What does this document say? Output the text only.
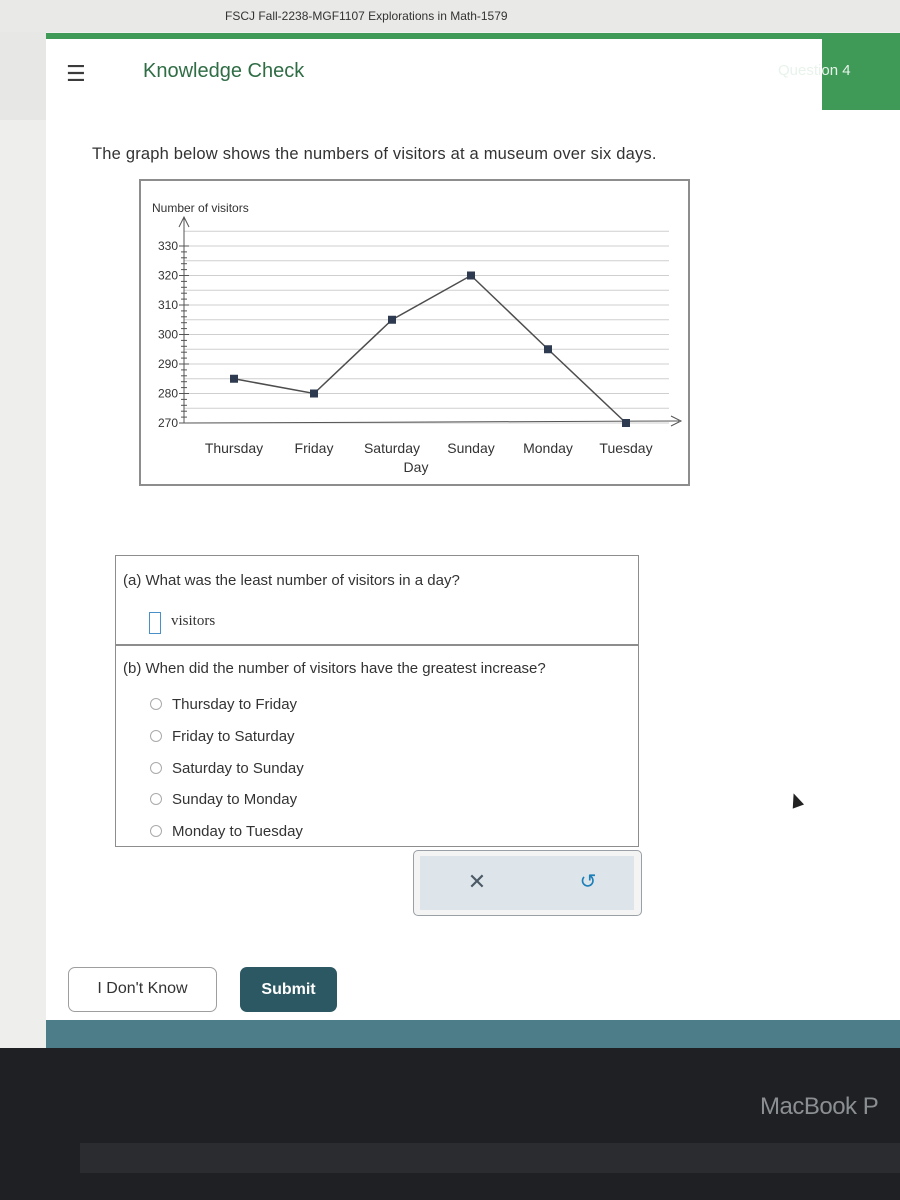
FSCJ Fall-2238-MGF1107 Explorations in Math-1579
☰	Knowledge Check	Question 4
The graph below shows the numbers of visitors at a museum over six days.
Number of visitors
Day
270
280
290
300
310
320
330
Thursday Friday Saturday Sunday Monday Tuesday
(a) What was the least number of visitors in a day?
visitors
(b) When did the number of visitors have the greatest increase?
Thursday to Friday
Friday to Saturday
Saturday to Sunday
Sunday to Monday
Monday to Tuesday
✕	↺
I Don't Know	Submit
MacBook P
